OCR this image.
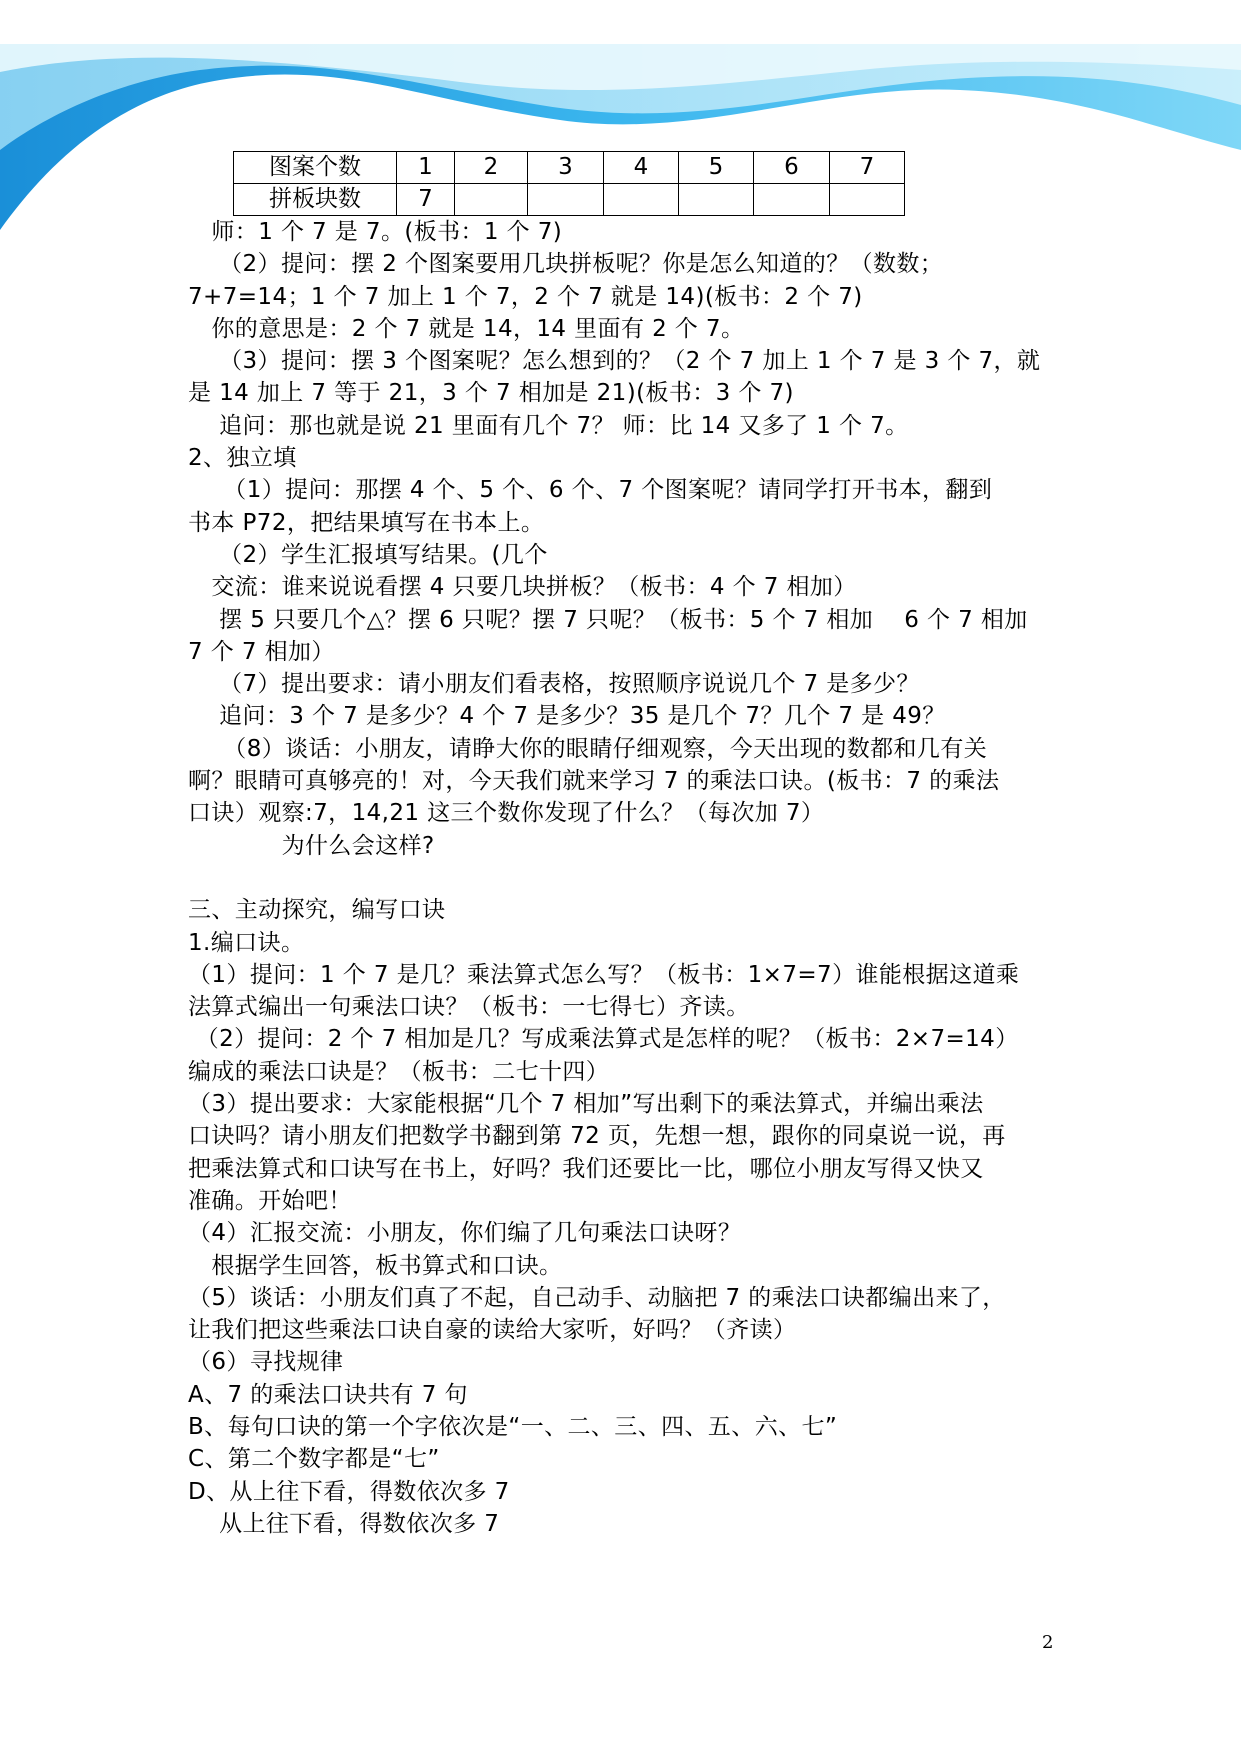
图案个数	1	2	3	4	5	6	7
拼板块数	7						
　师：1 个 7 是 7。(板书：1 个 7)
　 （2）提问：摆 2 个图案要用几块拼板呢？你是怎么知道的？（数数；
7+7=14；1 个 7 加上 1 个 7，2 个 7 就是 14)(板书：2 个 7)
　你的意思是：2 个 7 就是 14，14 里面有 2 个 7。
　 （3）提问：摆 3 个图案呢？怎么想到的？（2 个 7 加上 1 个 7 是 3 个 7，就
是 14 加上 7 等于 21，3 个 7 相加是 21)(板书：3 个 7)
　 追问：那也就是说 21 里面有几个 7？ 师：比 14 又多了 1 个 7。
2、独立填
　　（1）提问：那摆 4 个、5 个、6 个、7 个图案呢？请同学打开书本，翻到
书本 P72，把结果填写在书本上。
　 （2）学生汇报填写结果。(几个
　交流：谁来说说看摆 4 只要几块拼板？（板书：4 个 7 相加）
　 摆 5 只要几个△？摆 6 只呢？摆 7 只呢？（板书：5 个 7 相加　 6 个 7 相加
7 个 7 相加）
　 （7）提出要求：请小朋友们看表格，按照顺序说说几个 7 是多少？
　 追问：3 个 7 是多少？4 个 7 是多少？35 是几个 7？几个 7 是 49？
　　（8）谈话：小朋友，请睁大你的眼睛仔细观察，今天出现的数都和几有关
啊？眼睛可真够亮的！对，今天我们就来学习 7 的乘法口诀。(板书：7 的乘法
口诀）观察:7，14,21 这三个数你发现了什么？（每次加 7）
　　　　为什么会这样?
三、主动探究，编写口诀
1.编口诀。
（1）提问：1 个 7 是几？乘法算式怎么写？（板书：1×7=7）谁能根据这道乘
法算式编出一句乘法口诀？（板书：一七得七）齐读。
（2）提问：2 个 7 相加是几？写成乘法算式是怎样的呢？（板书：2×7=14）
编成的乘法口诀是？（板书：二七十四）
（3）提出要求：大家能根据“几个 7 相加”写出剩下的乘法算式，并编出乘法
口诀吗？请小朋友们把数学书翻到第 72 页，先想一想，跟你的同桌说一说，再
把乘法算式和口诀写在书上，好吗？我们还要比一比，哪位小朋友写得又快又
准确。开始吧！
（4）汇报交流：小朋友，你们编了几句乘法口诀呀？
　根据学生回答，板书算式和口诀。
（5）谈话：小朋友们真了不起，自己动手、动脑把 7 的乘法口诀都编出来了，
让我们把这些乘法口诀自豪的读给大家听，好吗？（齐读）
（6）寻找规律
A、7 的乘法口诀共有 7 句
B、每句口诀的第一个字依次是“一、二、三、四、五、六、七”
C、第二个数字都是“七”
D、从上往下看，得数依次多 7
　 从上往下看，得数依次多 7
2
